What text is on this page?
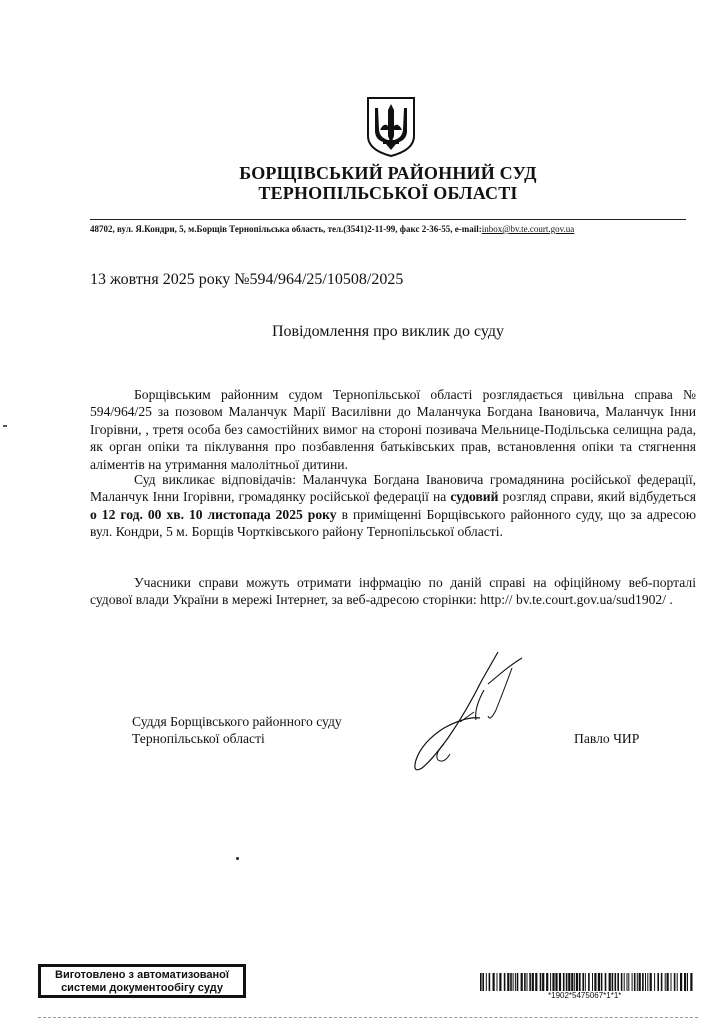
БОРЩІВСЬКИЙ РАЙОННИЙ СУД
ТЕРНОПІЛЬСЬКОЇ ОБЛАСТІ
48702, вул. Я.Кондри, 5, м.Борщів Тернопільська область, тел.(3541)2-11-99, факс 2-36-55, e-mail:inbox@bv.te.court.gov.ua
13 жовтня 2025 року №594/964/25/10508/2025
Повідомлення про виклик до суду
Борщівським районним судом Тернопільської області розглядається цивільна справа № 594/964/25 за позовом Маланчук Марії Василівни до Маланчука Богдана Івановича, Маланчук Інни Ігорівни, , третя особа без самостійних вимог на стороні позивача Мельнице-Подільська селищна рада, як орган опіки та піклування про позбавлення батьківських прав, встановлення опіки та стягнення аліментів на утримання малолітньої дитини.
Суд викликає відповідачів: Маланчука Богдана Івановича громадянина російської федерації, Маланчук Інни Ігорівни, громадянку російської федерації на судовий розгляд справи, який відбудеться о 12 год. 00 хв. 10 листопада 2025 року в приміщенні Борщівського районного суду, що за адресою вул. Кондри, 5 м. Борщів Чортківського району Тернопільської області.
Учасники справи можуть отримати інфрмацію по даній справі на офіційному веб-порталі судової влади України в мережі Інтернет, за веб-адресою сторінки: http:// bv.te.court.gov.ua/sud1902/ .
Суддя Борщівського районного суду
Тернопільської області	Павло ЧИР
Виготовлено з автоматизованої
системи документообігу суду
*1902*5475067*1*1*
